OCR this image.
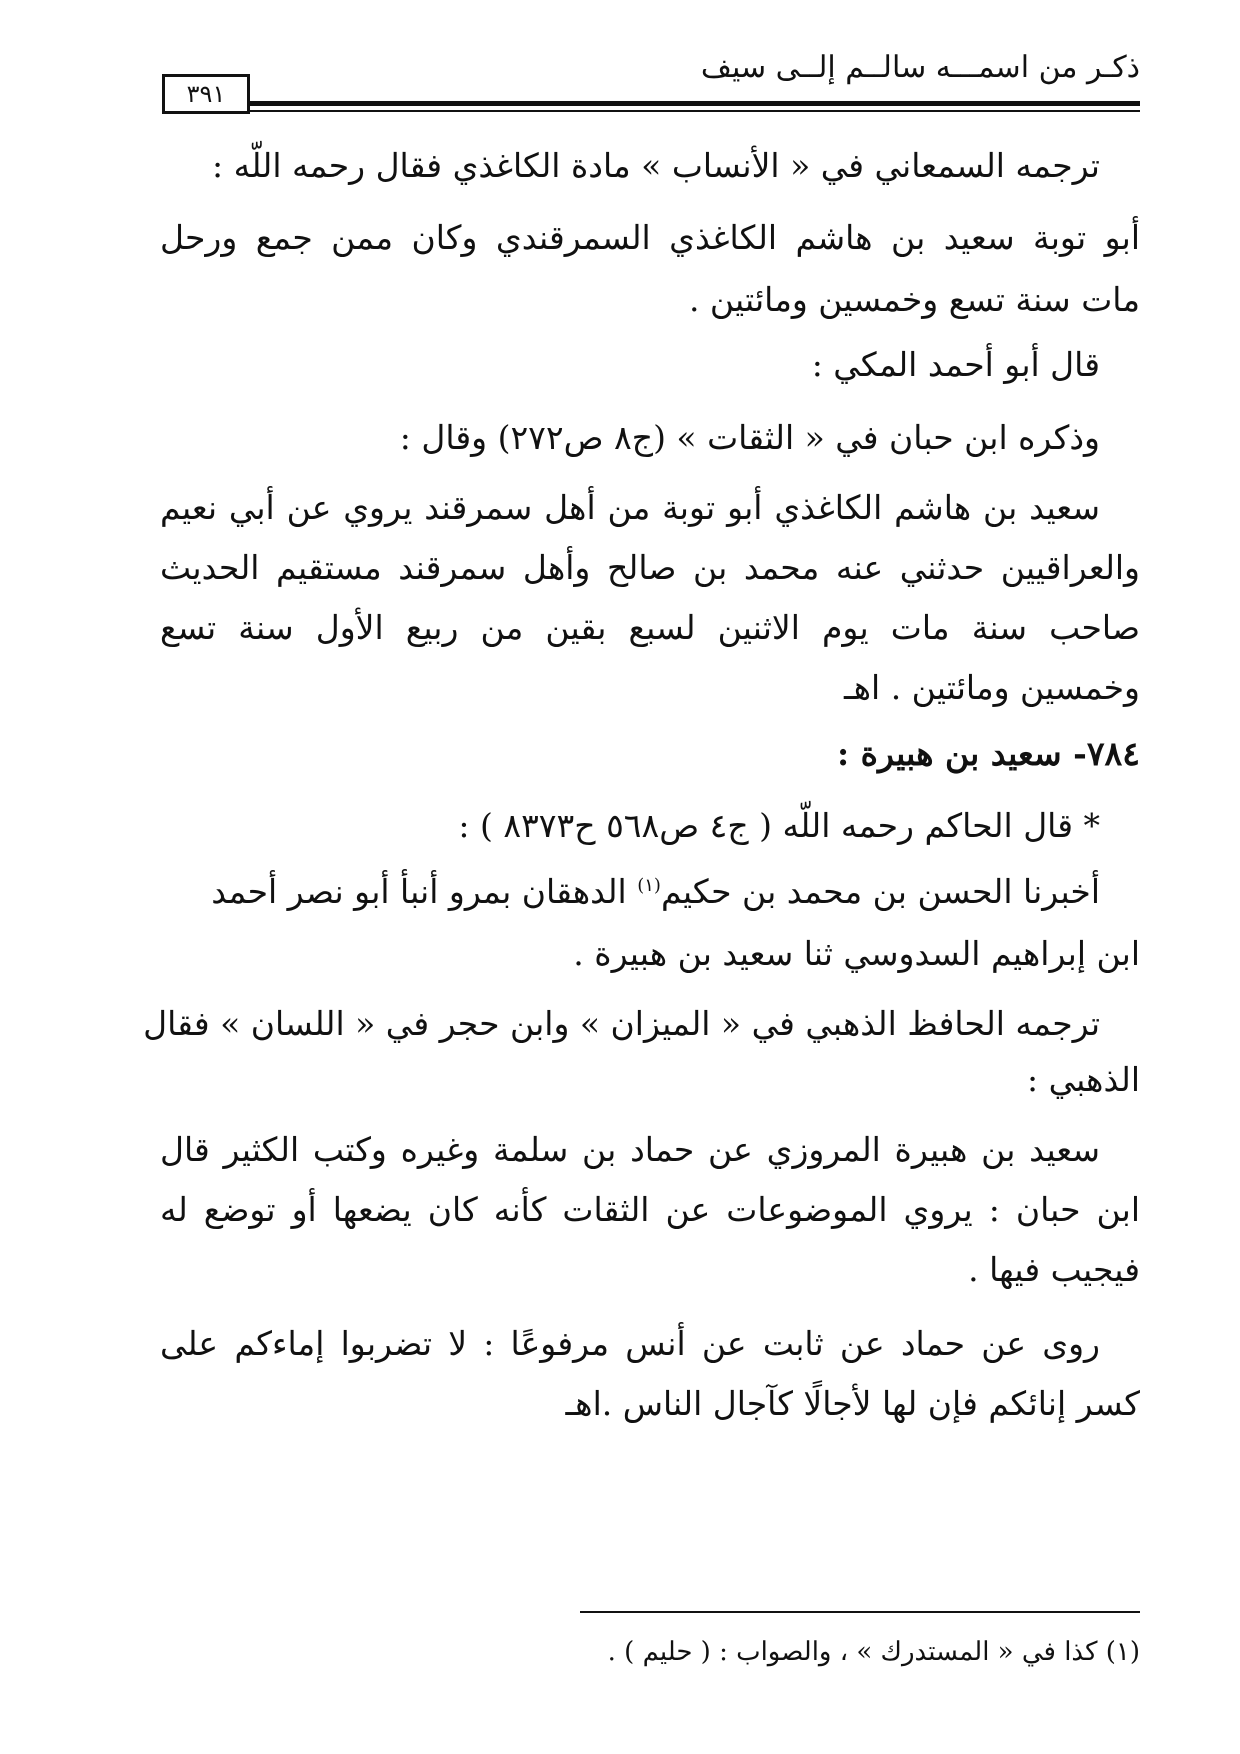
ذكـر من اسمـــه سالــم إلــى سيف
٣٩١
ترجمه السمعاني في « الأنساب » مادة الكاغذي فقال رحمه اللّه :
أبو توبة سعيد بن هاشم الكاغذي السمرقندي وكان ممن جمع ورحل
مات سنة تسع وخمسين ومائتين .
قال أبو أحمد المكي :
وذكره ابن حبان في « الثقات » (ج٨ ص٢٧٢) وقال :
سعيد بن هاشم الكاغذي أبو توبة من أهل سمرقند يروي عن أبي نعيم
والعراقيين حدثني عنه محمد بن صالح وأهل سمرقند مستقيم الحديث
صاحب سنة مات يوم الاثنين لسبع بقين من ربيع الأول سنة تسع
وخمسين ومائتين . اهـ
٧٨٤- سعيد بن هبيرة :
* قال الحاكم رحمه اللّه ( ج٤ ص٥٦٨ ح٨٣٧٣ ) :
أخبرنا الحسن بن محمد بن حكيم$^{(١)}$ الدهقان بمرو أنبأ أبو نصر أحمد
ابن إبراهيم السدوسي ثنا سعيد بن هبيرة .
ترجمه الحافظ الذهبي في « الميزان » وابن حجر في « اللسان » فقال
الذهبي :
سعيد بن هبيرة المروزي عن حماد بن سلمة وغيره وكتب الكثير قال
ابن حبان : يروي الموضوعات عن الثقات كأنه كان يضعها أو توضع له
فيجيب فيها .
روى عن حماد عن ثابت عن أنس مرفوعًا : لا تضربوا إماءكم على
كسر إنائكم فإن لها لأجالًا كآجال الناس .اهـ
(١) كذا في « المستدرك » ، والصواب : ( حليم ) .
